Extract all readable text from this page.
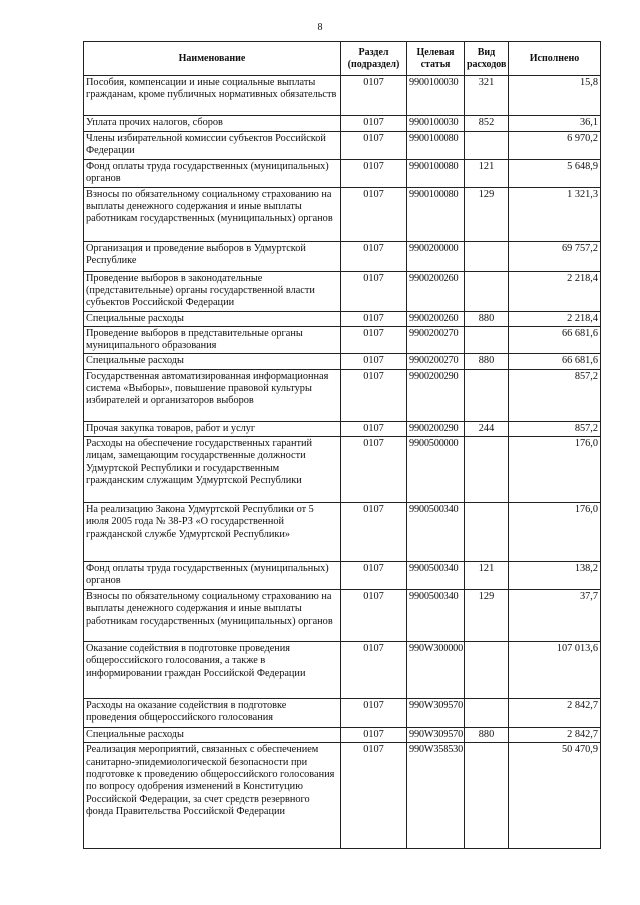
8
Наименование	Раздел (подраздел)	Целевая статья	Вид расходов	Исполнено
Пособия, компенсации и иные социальные выплаты гражданам, кроме публичных нормативных обязательств	0107	9900100030	321	15,8
Уплата прочих налогов, сборов	0107	9900100030	852	36,1
Члены избирательной комиссии субъектов Российской Федерации	0107	9900100080		6 970,2
Фонд оплаты труда государственных (муниципальных) органов	0107	9900100080	121	5 648,9
Взносы по обязательному социальному страхованию на выплаты денежного содержания и иные выплаты работникам государственных (муниципальных) органов	0107	9900100080	129	1 321,3
Организация и проведение выборов в Удмуртской Республике	0107	9900200000		69 757,2
Проведение выборов в законодательные (представительные) органы государственной власти субъектов Российской Федерации	0107	9900200260		2 218,4
Специальные расходы	0107	9900200260	880	2 218,4
Проведение выборов в представительные органы муниципального образования	0107	9900200270		66 681,6
Специальные расходы	0107	9900200270	880	66 681,6
Государственная автоматизированная информационная система «Выборы», повышение правовой культуры избирателей и организаторов выборов	0107	9900200290		857,2
Прочая закупка товаров, работ и услуг	0107	9900200290	244	857,2
Расходы на обеспечение государственных гарантий лицам, замещающим государственные должности Удмуртской Республики и государственным гражданским служащим Удмуртской Республики	0107	9900500000		176,0
На реализацию Закона Удмуртской Республики от 5 июля 2005 года № 38-РЗ «О государственной гражданской службе Удмуртской Республики»	0107	9900500340		176,0
Фонд оплаты труда государственных (муниципальных) органов	0107	9900500340	121	138,2
Взносы по обязательному социальному страхованию на выплаты денежного содержания и иные выплаты работникам государственных (муниципальных) органов	0107	9900500340	129	37,7
Оказание содействия в подготовке проведения общероссийского голосования, а также в информировании граждан Российской Федерации	0107	990W300000		107 013,6
Расходы на оказание содействия в подготовке проведения общероссийского голосования	0107	990W309570		2 842,7
Специальные расходы	0107	990W309570	880	2 842,7
Реализация мероприятий, связанных с обеспечением санитарно-эпидемиологической безопасности при подготовке к проведению общероссийского голосования по вопросу одобрения изменений в Конституцию Российской Федерации, за счет средств резервного фонда Правительства Российской Федерации	0107	990W358530		50 470,9
